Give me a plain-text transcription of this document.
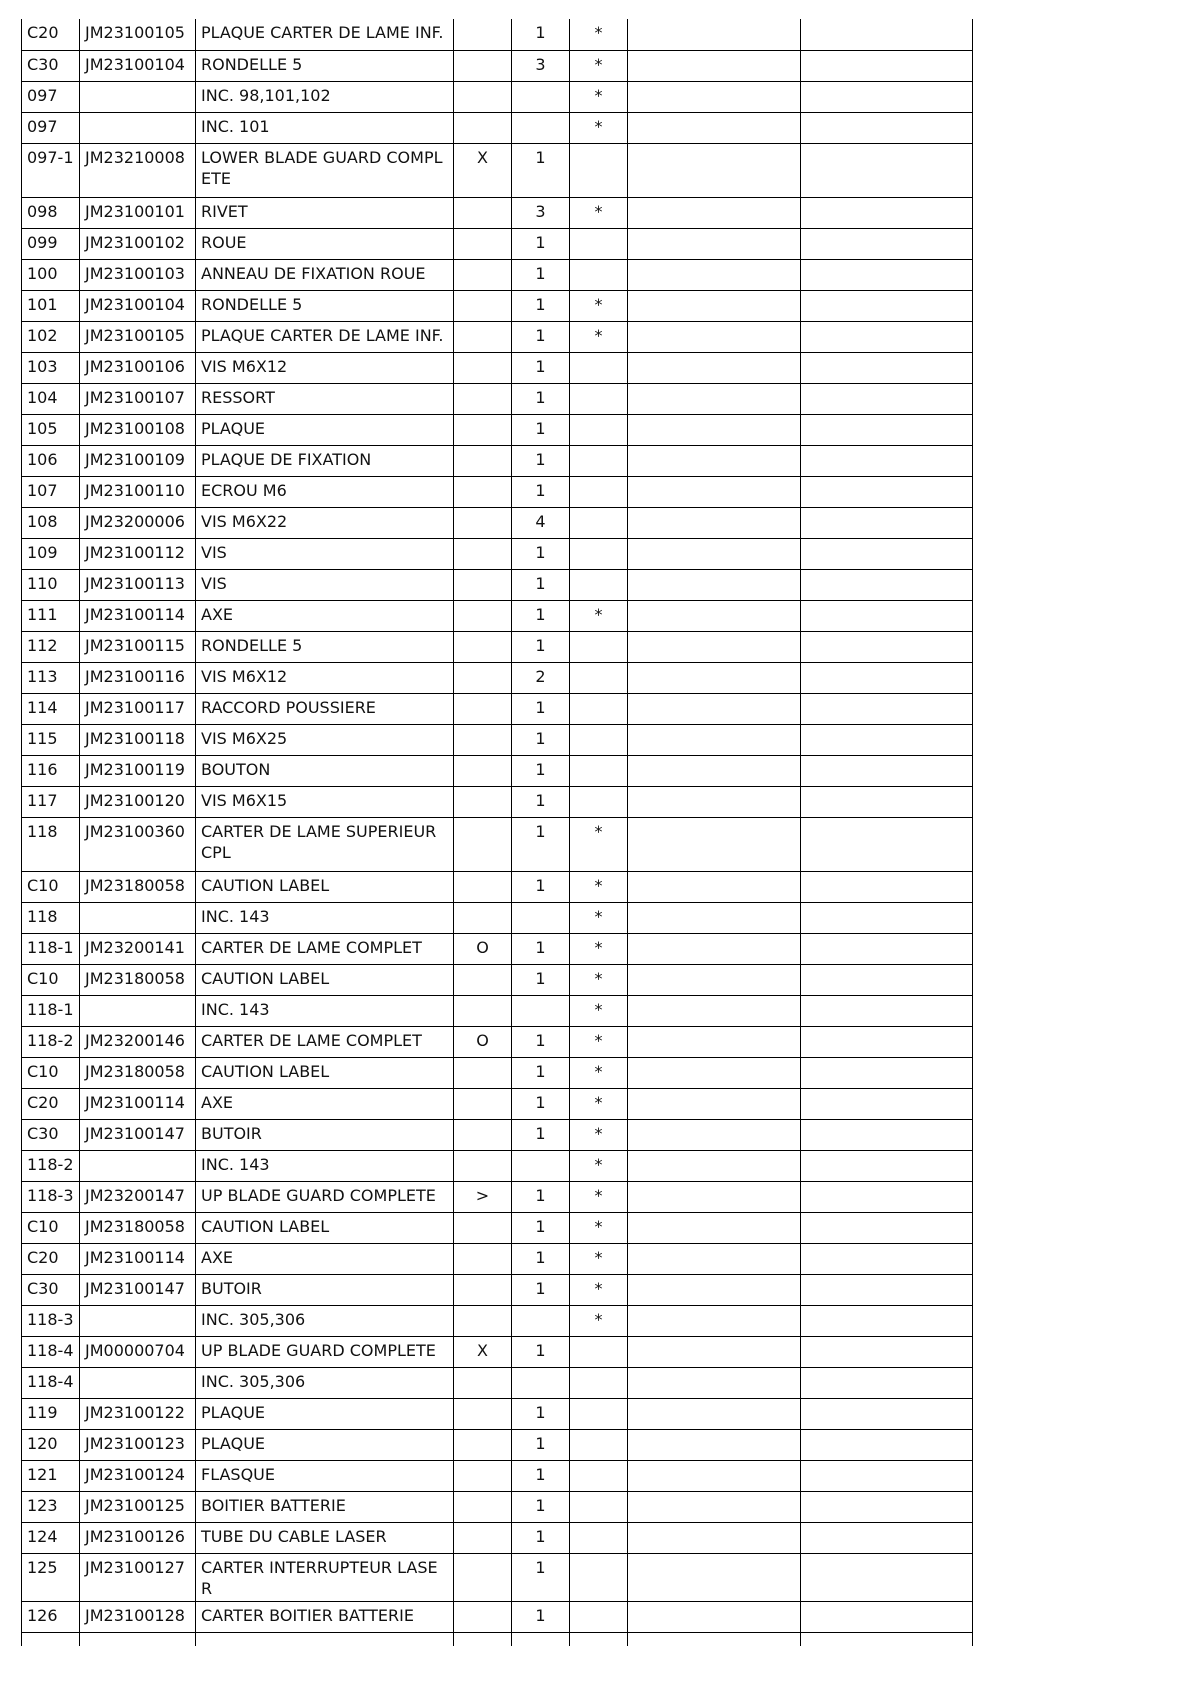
C20	JM23100105	PLAQUE CARTER DE LAME INF.		1	*		
C30	JM23100104	RONDELLE 5		3	*		
097		INC. 98,101,102			*		
097		INC. 101			*		
097-1	JM23210008	LOWER BLADE GUARD COMPLETE	X	1			
098	JM23100101	RIVET		3	*		
099	JM23100102	ROUE		1			
100	JM23100103	ANNEAU DE FIXATION ROUE		1			
101	JM23100104	RONDELLE 5		1	*		
102	JM23100105	PLAQUE CARTER DE LAME INF.		1	*		
103	JM23100106	VIS M6X12		1			
104	JM23100107	RESSORT		1			
105	JM23100108	PLAQUE		1			
106	JM23100109	PLAQUE DE FIXATION		1			
107	JM23100110	ECROU M6		1			
108	JM23200006	VIS M6X22		4			
109	JM23100112	VIS		1			
110	JM23100113	VIS		1			
111	JM23100114	AXE		1	*		
112	JM23100115	RONDELLE 5		1			
113	JM23100116	VIS M6X12		2			
114	JM23100117	RACCORD POUSSIERE		1			
115	JM23100118	VIS M6X25		1			
116	JM23100119	BOUTON		1			
117	JM23100120	VIS M6X15		1			
118	JM23100360	CARTER DE LAME SUPERIEUR CPL		1	*		
C10	JM23180058	CAUTION LABEL		1	*		
118		INC. 143			*		
118-1	JM23200141	CARTER DE LAME COMPLET	O	1	*		
C10	JM23180058	CAUTION LABEL		1	*		
118-1		INC. 143			*		
118-2	JM23200146	CARTER DE LAME COMPLET	O	1	*		
C10	JM23180058	CAUTION LABEL		1	*		
C20	JM23100114	AXE		1	*		
C30	JM23100147	BUTOIR		1	*		
118-2		INC. 143			*		
118-3	JM23200147	UP BLADE GUARD COMPLETE	>	1	*		
C10	JM23180058	CAUTION LABEL		1	*		
C20	JM23100114	AXE		1	*		
C30	JM23100147	BUTOIR		1	*		
118-3		INC. 305,306			*		
118-4	JM00000704	UP BLADE GUARD COMPLETE	X	1			
118-4		INC. 305,306					
119	JM23100122	PLAQUE		1			
120	JM23100123	PLAQUE		1			
121	JM23100124	FLASQUE		1			
123	JM23100125	BOITIER BATTERIE		1			
124	JM23100126	TUBE DU CABLE LASER		1			
125	JM23100127	CARTER INTERRUPTEUR LASER		1			
126	JM23100128	CARTER BOITIER BATTERIE		1			
